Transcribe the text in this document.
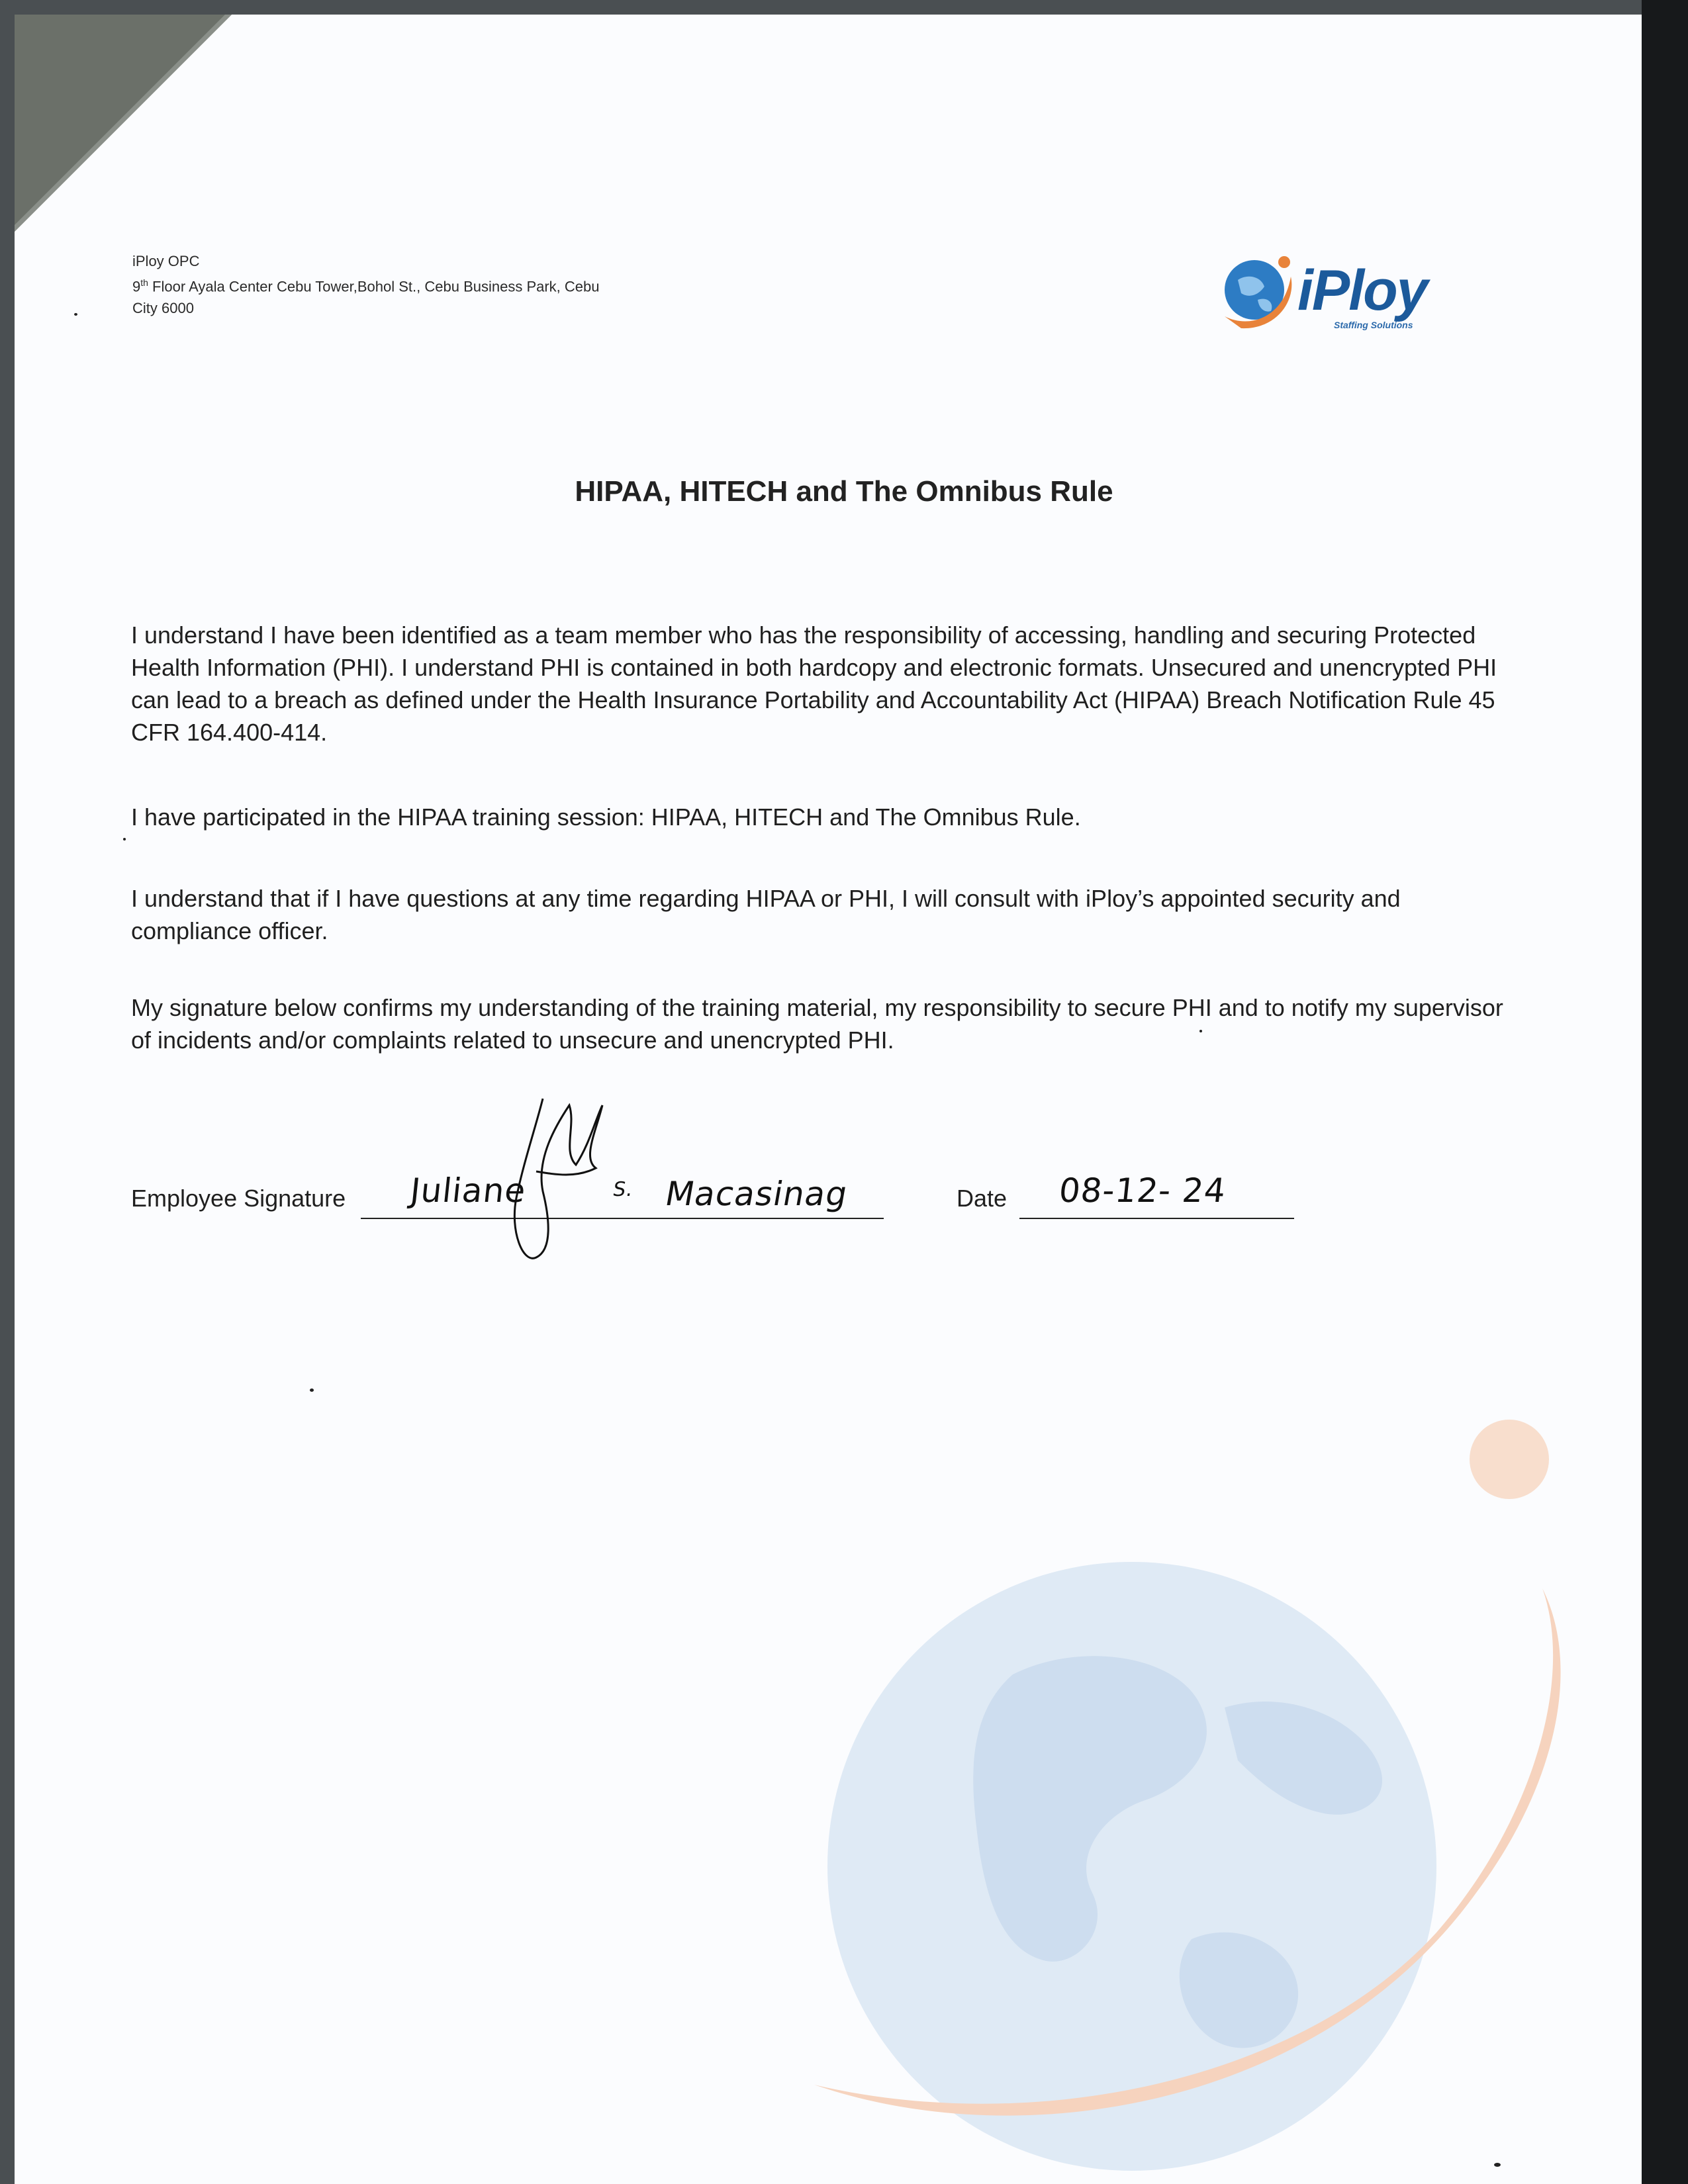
iPloy OPC
9th Floor Ayala Center Cebu Tower,Bohol St., Cebu Business Park, Cebu
City 6000	iPloy
Staffing Solutions
HIPAA, HITECH and The Omnibus Rule
I understand I have been identified as a team member who has the responsibility of accessing, handling and securing Protected Health Information (PHI). I understand PHI is contained in both hardcopy and electronic formats. Unsecured and unencrypted PHI can lead to a breach as defined under the Health Insurance Portability and Accountability Act (HIPAA) Breach Notification Rule 45 CFR 164.400-414.
I have participated in the HIPAA training session: HIPAA, HITECH and The Omnibus Rule.
I understand that if I have questions at any time regarding HIPAA or PHI, I will consult with iPloy’s appointed security and compliance officer.
My signature below confirms my understanding of the training material, my responsibility to secure PHI and to notify my supervisor of incidents and/or complaints related to unsecure and unencrypted PHI.
Employee Signature Juliane	$^{S.}$ Macasinag	Date 08-12- 24
